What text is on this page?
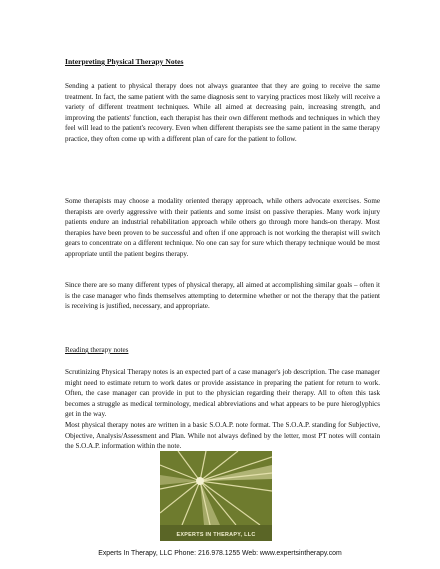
Interpreting Physical Therapy Notes

Sending a patient to physical therapy does not always guarantee that they are going to receive the same treatment. In fact, the same patient with the same diagnosis sent to varying practices most likely will receive a variety of different treatment techniques. While all aimed at decreasing pain, increasing strength, and improving the patients' function, each therapist has their own different methods and techniques in which they feel will lead to the patient's recovery. Even when different therapists see the same patient in the same therapy practice, they often come up with a different plan of care for the patient to follow.

Some therapists may choose a modality oriented therapy approach, while others advocate exercises. Some therapists are overly aggressive with their patients and some insist on passive therapies. Many work injury patients endure an industrial rehabilitation approach while others go through more hands-on therapy. Most therapies have been proven to be successful and often if one approach is not working the therapist will switch gears to concentrate on a different technique. No one can say for sure which therapy technique would be most appropriate until the patient begins therapy.

Since there are so many different types of physical therapy, all aimed at accomplishing similar goals – often it is the case manager who finds themselves attempting to determine whether or not the therapy that the patient is receiving is justified, necessary, and appropriate.

Reading therapy notes

Scrutinizing Physical Therapy notes is an expected part of a case manager's job description. The case manager might need to estimate return to work dates or provide assistance in preparing the patient for return to work. Often, the case manager can provide in put to the physician regarding their therapy. All to often this task becomes a struggle as medical terminology, medical abbreviations and what appears to be pure hieroglyphics get in the way.

Most physical therapy notes are written in a basic S.O.A.P. note format. The S.O.A.P. standing for Subjective, Objective, Analysis/Assessment and Plan. While not always defined by the letter, most PT notes will contain the S.O.A.P. information within the note.

EXPERTS IN THERAPY, LLC
Experts In Therapy, LLC Phone: 216.978.1255 Web: www.expertsintherapy.com
